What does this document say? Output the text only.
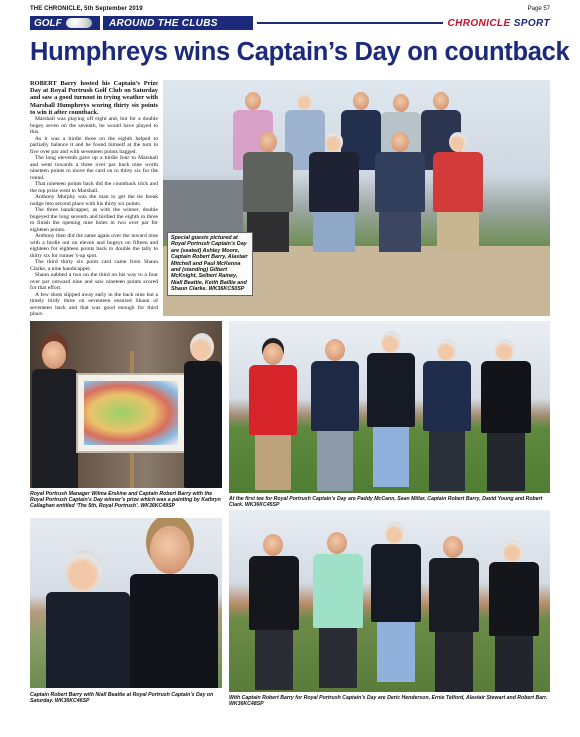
THE CHRONICLE, 5th September 2019	Page 57
GOLF	AROUND THE CLUBS	CHRONICLE SPORT
Humphreys wins Captain’s Day on countback

ROBERT Barry hosted his Captain’s Prize Day at Royal Portrush Golf Club on Saturday and saw a good turnout in trying weather with Marshall Humphreys scoring thirty six points to win it after countback.

Marshall was playing off eight and, but for a double bogey seven on the seventh, he would have played to this.

As it was a birdie three on the eighth helped to partially balance it and he found himself at the turn in five over par and with seventeen points bagged.

The long eleventh gave up a birdie four to Marshall and went towards a three over par back nine worth nineteen points to move the card on to thirty six for the round.

That nineteen points back did the countback trick and the top prize went to Marshall.

Anthony Murphy was the man to get the tie break nudge into second place with his thirty six points.

The three handicapper, as with the winner, double bogeyed the long seventh and birdied the eighth in three to finish the opening nine holes in two over par for eighteen points.

Anthony then did the same again over the inward nine with a birdie out on eleven and bogeys on fifteen and eighteen for eighteen points back to double the tally to thirty six for runner’s-up spot.

The third thirty six point card came from Shaun Clarke, a nine handicapper.

Shaun nabbed a two on the third on his way to a four over par outward nine and saw nineteen points scored for that effort.

A few shots slipped away early in the back nine but a timely birdy three on seventeen ensured Shaun of seventeen back and that was good enough for third place.

Special guests pictured at Royal Portrush Captain’s Day are (seated) Ashley Moore, Captain Robert Barry, Alastair Mitchell and Paul McKenna and (standing) Gilbert McKnight, Selbert Rainey, Niall Beattie, Keith Baillie and Shaun Clarke. WK36KC50SP
Royal Portrush Manager Wilma Erskine and Captain Robert Barry with the Royal Portrush Captain’s Day winner’s prize which was a painting by Kathryn Callaghan entitled ‘The 5th, Royal Portrush’. WK36KC49SP
At the first tee for Royal Portrush Captain’s Day are Paddy McCann, Sean Millar, Captain Robert Barry, David Young and Robert Clark. WK36KC45SP
Captain Robert Barry with Niall Beattie at Royal Portrush Captain’s Day on Saturday. WK36KC46SP
With Captain Robert Barry for Royal Portrush Captain’s Day are Deric Henderson, Ernie Telford, Alastair Stewart and Robert Barr. WK36KC48SP
